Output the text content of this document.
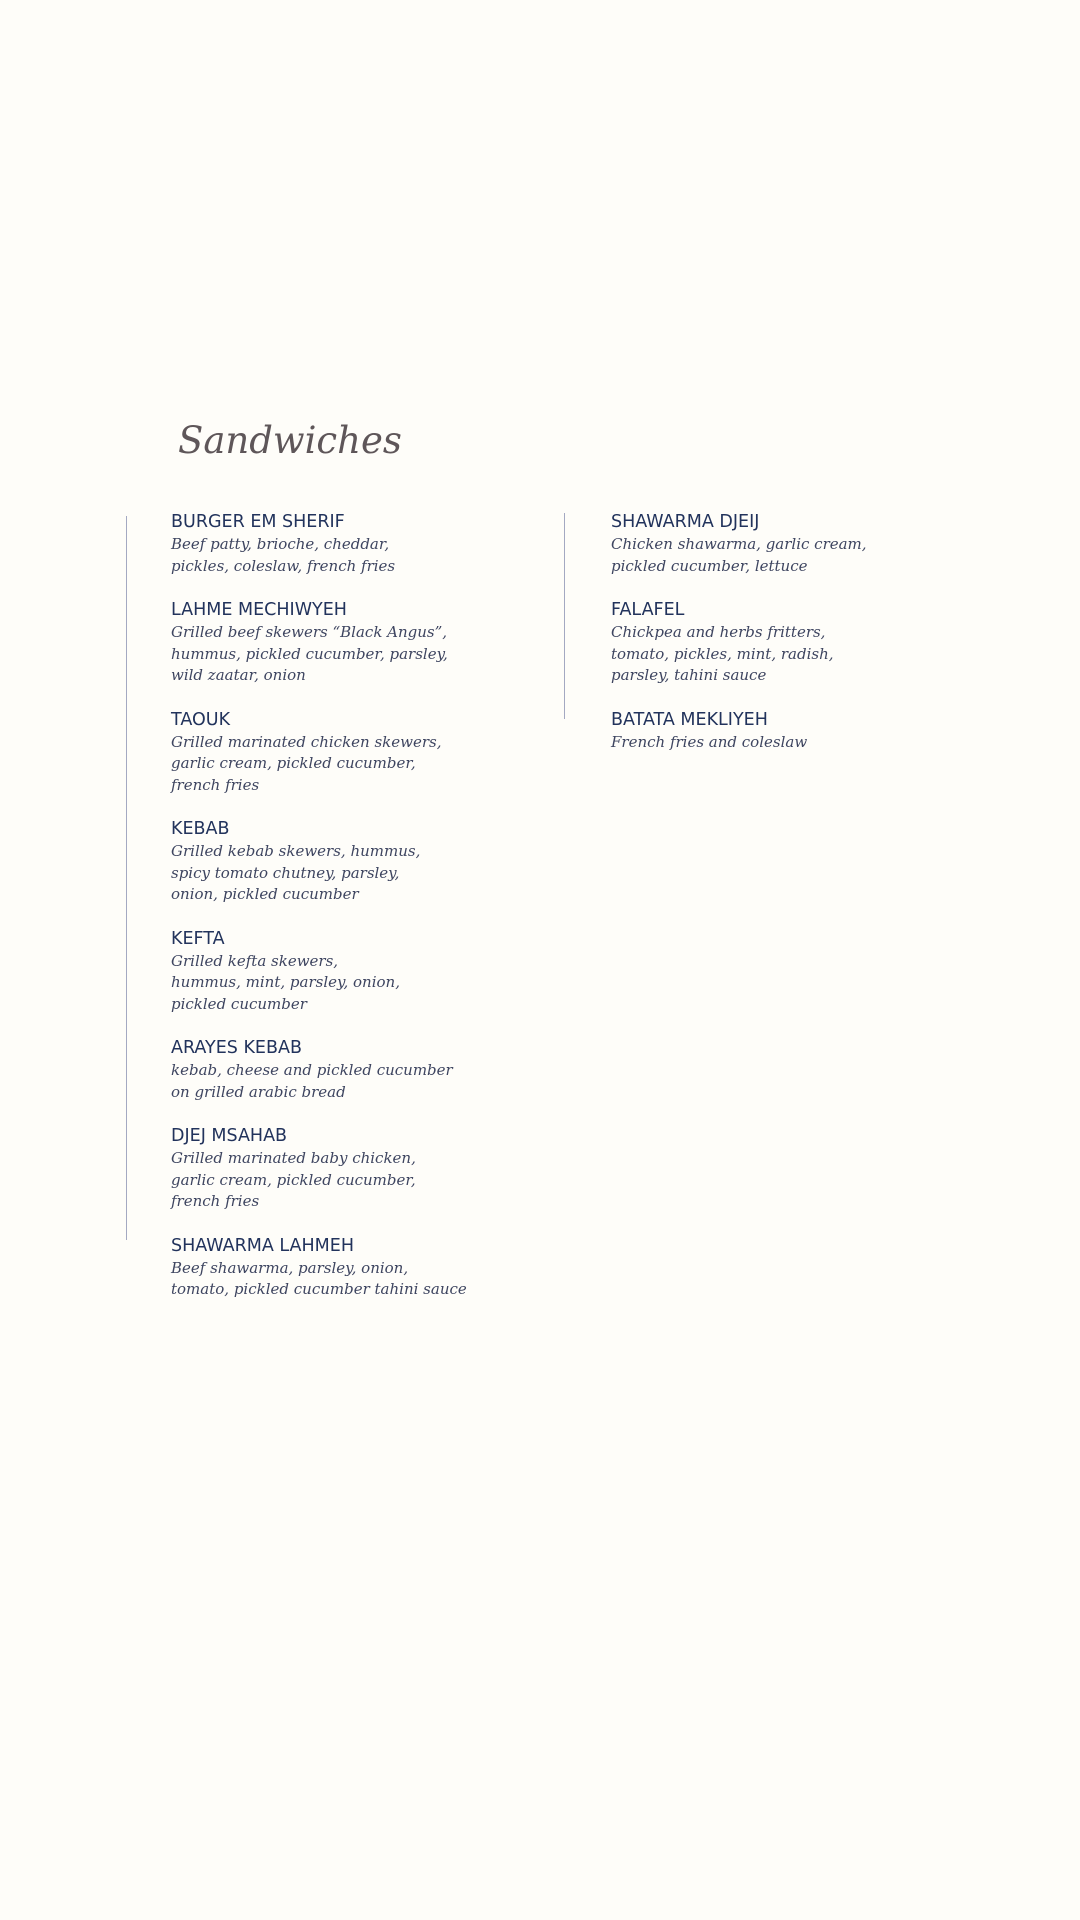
Sandwiches
BURGER EM SHERIF
Beef patty, brioche, cheddar,
pickles, coleslaw, french fries
LAHME MECHIWYEH
Grilled beef skewers “Black Angus”,
hummus, pickled cucumber, parsley,
wild zaatar, onion
TAOUK
Grilled marinated chicken skewers,
garlic cream, pickled cucumber,
french fries
KEBAB
Grilled kebab skewers, hummus,
spicy tomato chutney, parsley,
onion, pickled cucumber
KEFTA
Grilled kefta skewers,
hummus, mint, parsley, onion,
pickled cucumber
ARAYES KEBAB
kebab, cheese and pickled cucumber
on grilled arabic bread
DJEJ MSAHAB
Grilled marinated baby chicken,
garlic cream, pickled cucumber,
french fries
SHAWARMA LAHMEH
Beef shawarma, parsley, onion,
tomato, pickled cucumber tahini sauce
SHAWARMA DJEIJ
Chicken shawarma, garlic cream,
pickled cucumber, lettuce
FALAFEL
Chickpea and herbs fritters,
tomato, pickles, mint, radish,
parsley, tahini sauce
BATATA MEKLIYEH
French fries and coleslaw
